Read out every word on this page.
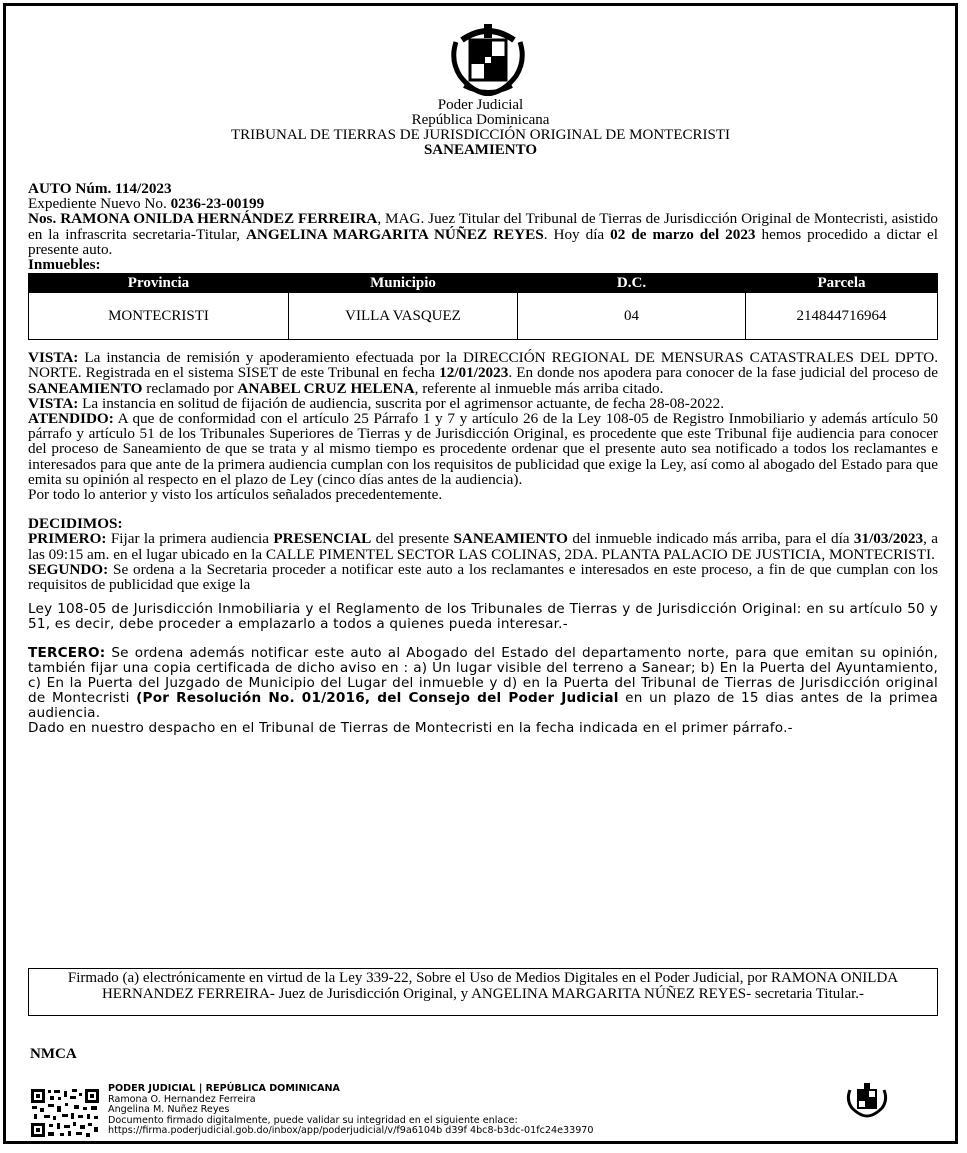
Poder Judicial
República Dominicana
TRIBUNAL DE TIERRAS DE JURISDICCIÓN ORIGINAL DE MONTECRISTI
SANEAMIENTO

AUTO Núm. 114/2023

Expediente Nuevo No. 0236-23-00199

Nos. RAMONA ONILDA HERNÁNDEZ FERREIRA, MAG. Juez Titular del Tribunal de Tierras de Jurisdicción Original de Montecristi, asistido en la infrascrita secretaria-Titular, ANGELINA MARGARITA NÚÑEZ REYES. Hoy día 02 de marzo del 2023 hemos procedido a dictar el presente auto.

Inmuebles:

Provincia	Municipio	D.C.	Parcela
MONTECRISTI	VILLA VASQUEZ	04	214844716964

VISTA: La instancia de remisión y apoderamiento efectuada por la DIRECCIÓN REGIONAL DE MENSURAS CATASTRALES DEL DPTO. NORTE. Registrada en el sistema SISET de este Tribunal en fecha 12/01/2023. En donde nos apodera para conocer de la fase judicial del proceso de SANEAMIENTO reclamado por ANABEL CRUZ HELENA, referente al inmueble más arriba citado.

VISTA: La instancia en solitud de fijación de audiencia, suscrita por el agrimensor actuante, de fecha 28-08-2022.

ATENDIDO: A que de conformidad con el artículo 25 Párrafo 1 y 7 y artículo 26 de la Ley 108-05 de Registro Inmobiliario y además artículo 50 párrafo y artículo 51 de los Tribunales Superiores de Tierras y de Jurisdicción Original, es procedente que este Tribunal fije audiencia para conocer del proceso de Saneamiento de que se trata y al mismo tiempo es procedente ordenar que el presente auto sea notificado a todos los reclamantes e interesados para que ante de la primera audiencia cumplan con los requisitos de publicidad que exige la Ley, así como al abogado del Estado para que emita su opinión al respecto en el plazo de Ley (cinco días antes de la audiencia).

Por todo lo anterior y visto los artículos señalados precedentemente.

DECIDIMOS:

PRIMERO: Fijar la primera audiencia PRESENCIAL del presente SANEAMIENTO del inmueble indicado más arriba, para el día 31/03/2023, a las 09:15 am. en el lugar ubicado en la CALLE PIMENTEL SECTOR LAS COLINAS, 2DA. PLANTA PALACIO DE JUSTICIA, MONTECRISTI.

SEGUNDO: Se ordena a la Secretaria proceder a notificar este auto a los reclamantes e interesados en este proceso, a fin de que cumplan con los requisitos de publicidad que exige la

Ley 108-05 de Jurisdicción Inmobiliaria y el Reglamento de los Tribunales de Tierras y de Jurisdicción Original: en su artículo 50 y 51, es decir, debe proceder a emplazarlo a todos a quienes pueda interesar.-

TERCERO: Se ordena además notificar este auto al Abogado del Estado del departamento norte, para que emitan su opinión, también fijar una copia certificada de dicho aviso en : a) Un lugar visible del terreno a Sanear; b) En la Puerta del Ayuntamiento, c) En la Puerta del Juzgado de Municipio del Lugar del inmueble y d) en la Puerta del Tribunal de Tierras de Jurisdicción original de Montecristi (Por Resolución No. 01/2016, del Consejo del Poder Judicial en un plazo de 15 dias antes de la primea audiencia.

Dado en nuestro despacho en el Tribunal de Tierras de Montecristi en la fecha indicada en el primer párrafo.-

Firmado (a) electrónicamente en virtud de la Ley 339-22, Sobre el Uso de Medios Digitales en el Poder Judicial, por RAMONA ONILDA HERNANDEZ FERREIRA- Juez de Jurisdicción Original, y ANGELINA MARGARITA NÚÑEZ REYES- secretaria Titular.-
NMCA
PODER JUDICIAL | REPÚBLICA DOMINICANA
Ramona O. Hernandez Ferreira
Angelina M. Nuñez Reyes
Documento firmado digitalmente, puede validar su integridad en el siguiente enlace:
https://firma.poderjudicial.gob.do/inbox/app/poderjudicial/v/f9a6104b d39f 4bc8-b3dc-01fc24e33970
